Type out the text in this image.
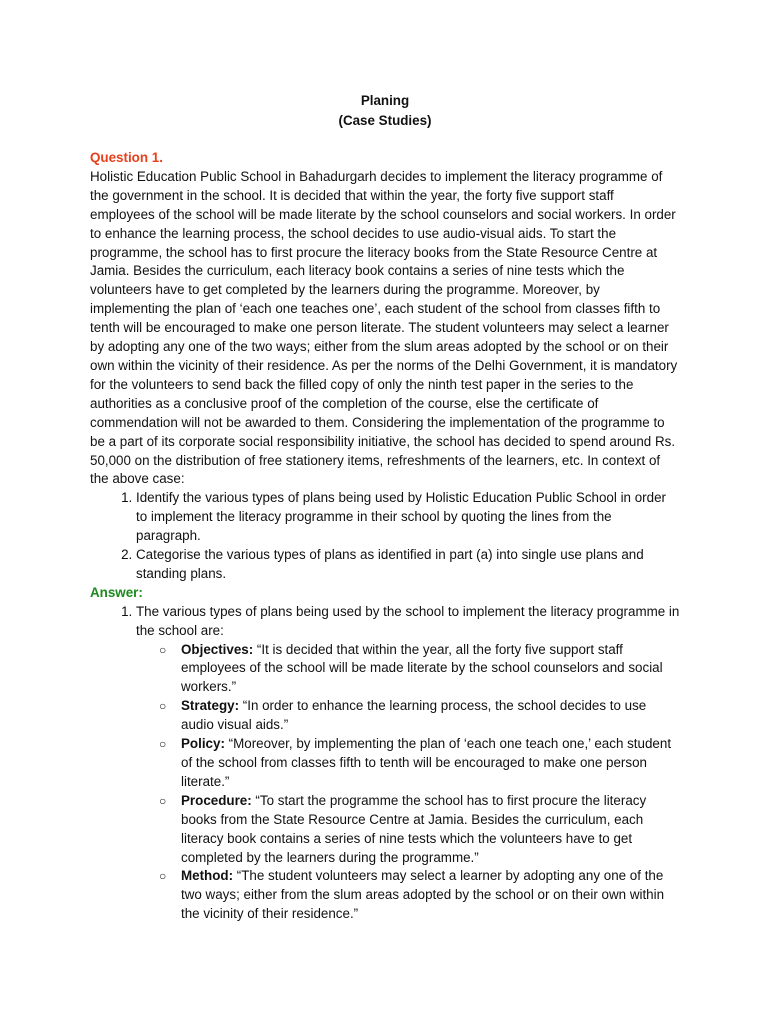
Planing
(Case Studies)
Question 1.

Holistic Education Public School in Bahadurgarh decides to implement the literacy programme of the government in the school. It is decided that within the year, the forty five support staff employees of the school will be made literate by the school counselors and social workers. In order to enhance the learning process, the school decides to use audio-visual aids. To start the programme, the school has to first procure the literacy books from the State Resource Centre at Jamia. Besides the curriculum, each literacy book contains a series of nine tests which the volunteers have to get completed by the learners during the programme. Moreover, by implementing the plan of ‘each one teaches one’, each student of the school from classes fifth to tenth will be encouraged to make one person literate. The student volunteers may select a learner by adopting any one of the two ways; either from the slum areas adopted by the school or on their own within the vicinity of their residence. As per the norms of the Delhi Government, it is mandatory for the volunteers to send back the filled copy of only the ninth test paper in the series to the authorities as a conclusive proof of the completion of the course, else the certificate of commendation will not be awarded to them. Considering the implementation of the programme to be a part of its corporate social responsibility initiative, the school has decided to spend around Rs. 50,000 on the distribution of free stationery items, refreshments of the learners, etc. In context of the above case:

1. Identify the various types of plans being used by Holistic Education Public School in order to implement the literacy programme in their school by quoting the lines from the paragraph.
2. Categorise the various types of plans as identified in part (a) into single use plans and standing plans.
Answer:
1. The various types of plans being used by the school to implement the literacy programme in the school are:
○ Objectives: “It is decided that within the year, all the forty five support staff employees of the school will be made literate by the school counselors and social workers.”
○ Strategy: “In order to enhance the learning process, the school decides to use audio visual aids.”
○ Policy: “Moreover, by implementing the plan of ‘each one teach one,’ each student of the school from classes fifth to tenth will be encouraged to make one person literate.”
○ Procedure: “To start the programme the school has to first procure the literacy books from the State Resource Centre at Jamia. Besides the curriculum, each literacy book contains a series of nine tests which the volunteers have to get completed by the learners during the programme.”
○ Method: “The student volunteers may select a learner by adopting any one of the two ways; either from the slum areas adopted by the school or on their own within the vicinity of their residence.”
